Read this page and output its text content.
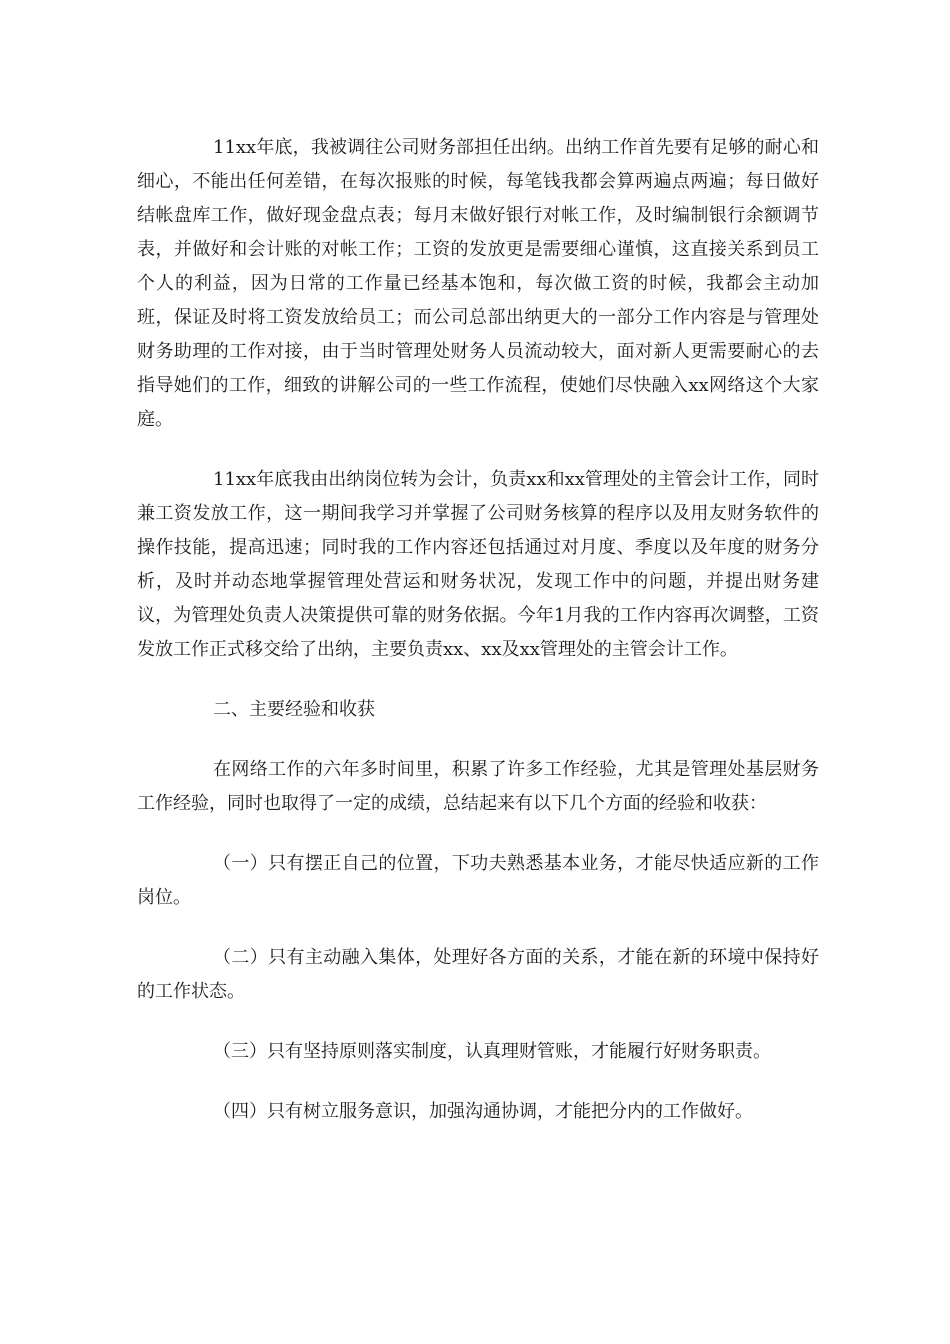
11xx年底，我被调往公司财务部担任出纳。出纳工作首先要有足够的耐心和细心，不能出任何差错，在每次报账的时候，每笔钱我都会算两遍点两遍；每日做好结帐盘库工作，做好现金盘点表；每月末做好银行对帐工作，及时编制银行余额调节表，并做好和会计账的对帐工作；工资的发放更是需要细心谨慎，这直接关系到员工个人的利益，因为日常的工作量已经基本饱和，每次做工资的时候，我都会主动加班，保证及时将工资发放给员工；而公司总部出纳更大的一部分工作内容是与管理处财务助理的工作对接，由于当时管理处财务人员流动较大，面对新人更需要耐心的去指导她们的工作，细致的讲解公司的一些工作流程，使她们尽快融入xx网络这个大家庭。

11xx年底我由出纳岗位转为会计，负责xx和xx管理处的主管会计工作，同时兼工资发放工作，这一期间我学习并掌握了公司财务核算的程序以及用友财务软件的操作技能，提高迅速；同时我的工作内容还包括通过对月度、季度以及年度的财务分析，及时并动态地掌握管理处营运和财务状况，发现工作中的问题，并提出财务建议，为管理处负责人决策提供可靠的财务依据。今年1月我的工作内容再次调整，工资发放工作正式移交给了出纳，主要负责xx、xx及xx管理处的主管会计工作。

二、主要经验和收获

在网络工作的六年多时间里，积累了许多工作经验，尤其是管理处基层财务工作经验，同时也取得了一定的成绩，总结起来有以下几个方面的经验和收获：

（一）只有摆正自己的位置，下功夫熟悉基本业务，才能尽快适应新的工作岗位。

（二）只有主动融入集体，处理好各方面的关系，才能在新的环境中保持好的工作状态。

（三）只有坚持原则落实制度，认真理财管账，才能履行好财务职责。

（四）只有树立服务意识，加强沟通协调，才能把分内的工作做好。
